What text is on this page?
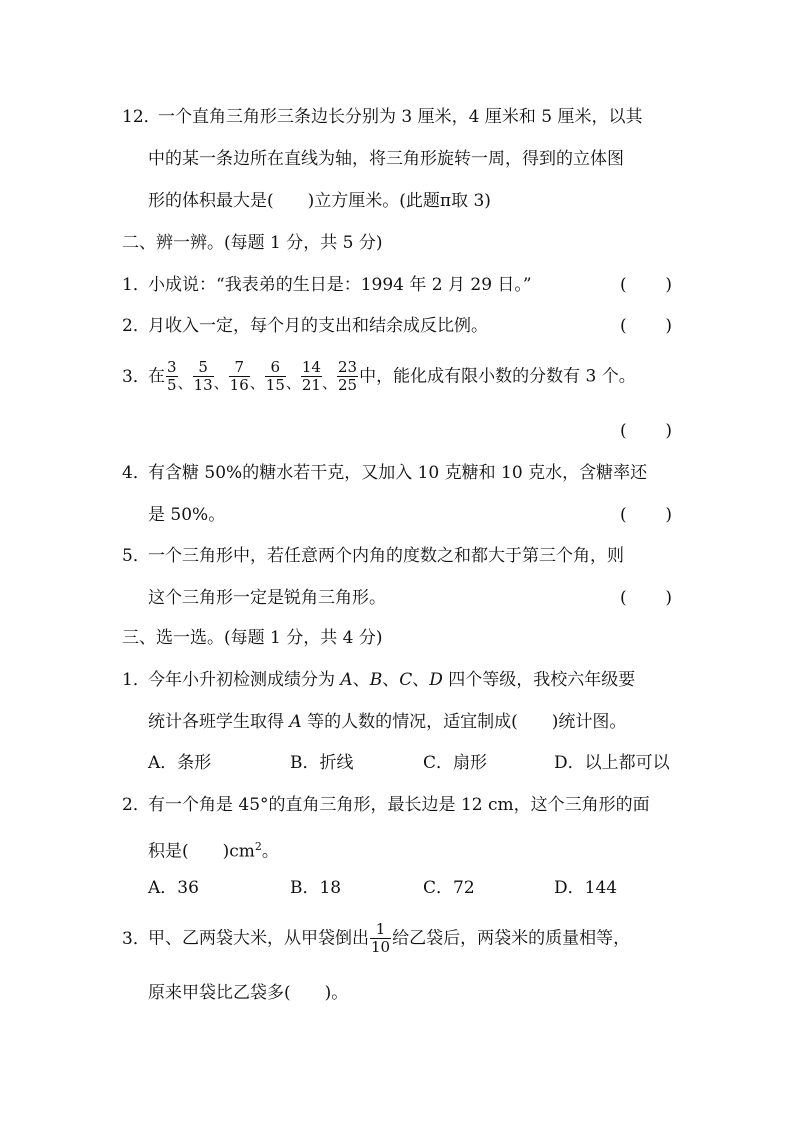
12．
一个直角三角形三条边长分别为 3 厘米，4 厘米和 5 厘米，以其
中的某一条边所在直线为轴，将三角形旋转一周，得到的立体图
形的体积最大是(　　)立方厘米。(此题π取 3)
二、辨一辨。(每题 1 分，共 5 分)
1．
小成说：“我表弟的生日是：1994 年 2 月 29 日。”	( )
2．
月收入一定，每个月的支出和结余成反比例。	( )
3．
在 $\frac{3}{5}$ 、 $\frac{5}{13}$ 、 $\frac{7}{16}$ 、 $\frac{6}{15}$ 、 $\frac{14}{21}$ 、 $\frac{23}{25}$ 中，能化成有限小数的分数有 3 个。
( )
4．
有含糖 50%的糖水若干克，又加入 10 克糖和 10 克水，含糖率还
是 50%。	( )
5．
一个三角形中，若任意两个内角的度数之和都大于第三个角，则
这个三角形一定是锐角三角形。	( )
三、选一选。(每题 1 分，共 4 分)
1．
今年小升初检测成绩分为 A、B、C、D 四个等级，我校六年级要
统计各班学生取得 A 等的人数的情况，适宜制成(　　)统计图。
A．条形	B．折线	C．扇形	D．以上都可以
2．
有一个角是 45°的直角三角形，最长边是 12 cm，这个三角形的面
积是(　　)$cm^2$。
A．36	B．18	C．72	D．144
3．
甲、乙两袋大米，从甲袋倒出 $\frac{1}{10}$ 给乙袋后，两袋米的质量相等，
原来甲袋比乙袋多(　　)。
